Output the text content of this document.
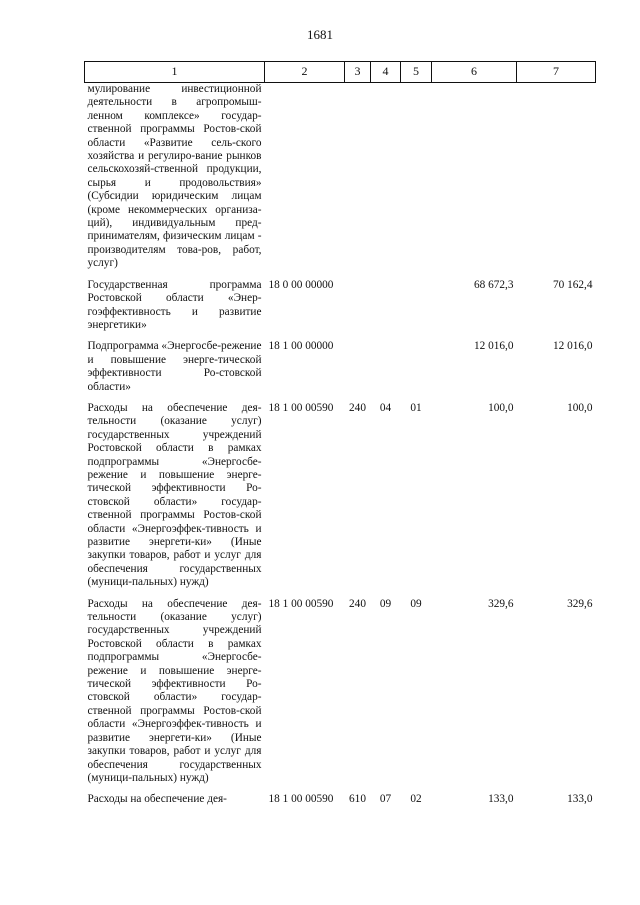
1681
1	2	3	4	5	6	7
мулирование инвестиционной деятельности в агропромыш-ленном комплексе» государ-ственной программы Ростов-ской области «Развитие сель-ского хозяйства и регулиро-вание рынков сельскохозяй-ственной продукции, сырья и продовольствия» (Субсидии юридическим лицам (кроме некоммерческих организа-ций), индивидуальным пред-принимателям, физическим лицам - производителям това-ров, работ, услуг)						
Государственная программа Ростовской области «Энер-гоэффективность и развитие энергетики»	18 0 00 00000				68 672,3	70 162,4
Подпрограмма «Энергосбе-режение и повышение энерге-тической эффективности Ро-стовской области»	18 1 00 00000				12 016,0	12 016,0
Расходы на обеспечение дея-тельности (оказание услуг) государственных учреждений Ростовской области в рамках подпрограммы «Энергосбе-режение и повышение энерге-тической эффективности Ро-стовской области» государ-ственной программы Ростов-ской области «Энергоэффек-тивность и развитие энергети-ки» (Иные закупки товаров, работ и услуг для обеспечения государственных (муници-пальных) нужд)	18 1 00 00590	240	04	01	100,0	100,0
Расходы на обеспечение дея-тельности (оказание услуг) государственных учреждений Ростовской области в рамках подпрограммы «Энергосбе-режение и повышение энерге-тической эффективности Ро-стовской области» государ-ственной программы Ростов-ской области «Энергоэффек-тивность и развитие энергети-ки» (Иные закупки товаров, работ и услуг для обеспечения государственных (муници-пальных) нужд)	18 1 00 00590	240	09	09	329,6	329,6
Расходы на обеспечение дея-	18 1 00 00590	610	07	02	133,0	133,0
